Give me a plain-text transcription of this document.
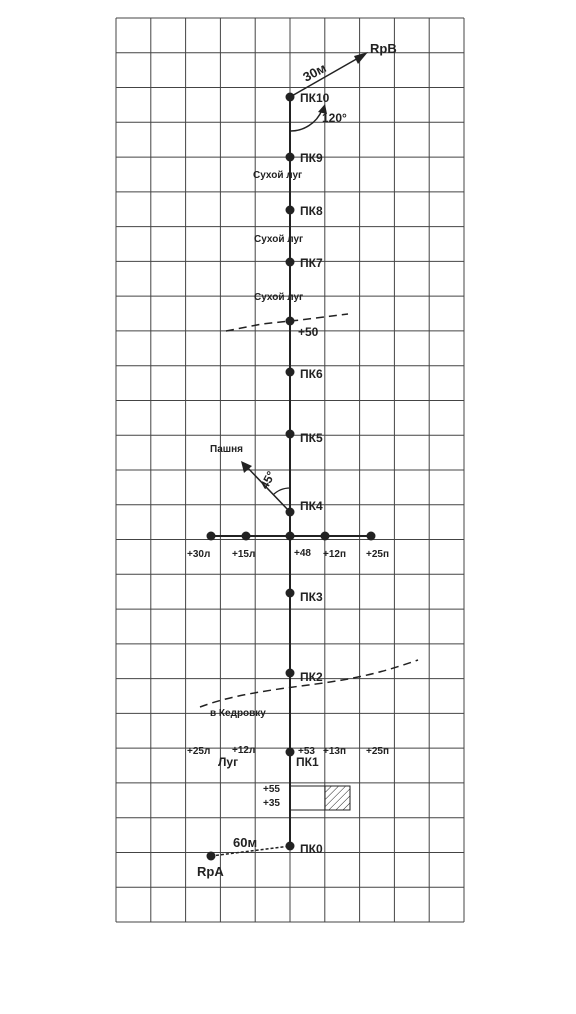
ПК10
ПК9
ПК8
ПК7
ПК6
ПК5
ПК4
ПК3
ПК2
ПК1
ПК0
+50
+30л +15л	+48 +12п +25п
+25л +12л	+53 +13п +25п
+55
+35
RpA
60м
RpB
30м
120°
45°
Пашня
Сухой луг
Сухой луг
Сухой луг
в Кедровку
Луг
